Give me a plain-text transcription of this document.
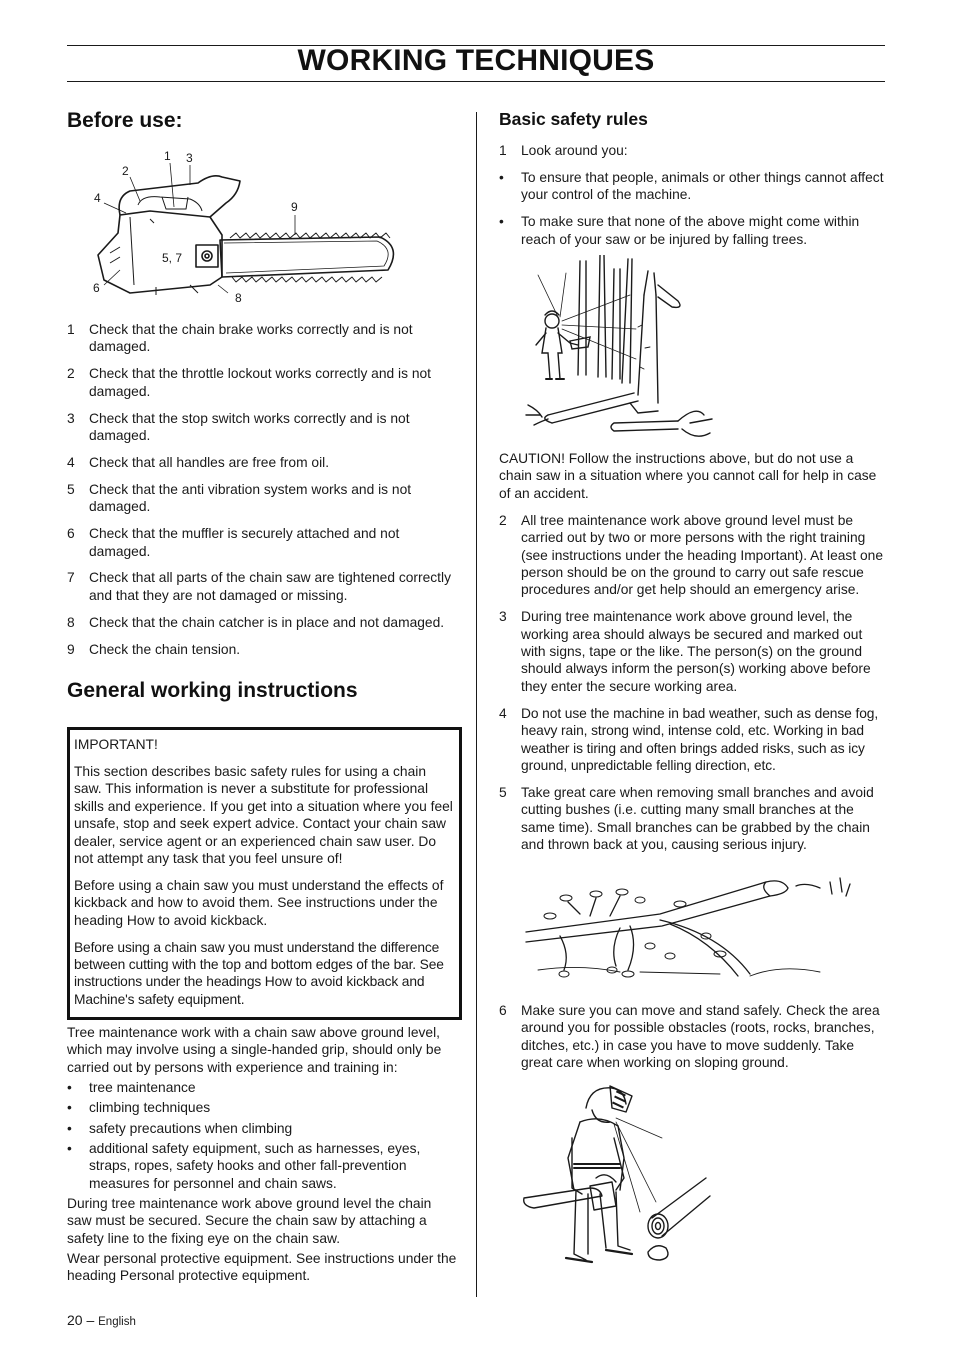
WORKING TECHNIQUES
Before use:
1 3
2
4
9
5, 7
6
8
1 Check that the chain brake works correctly and is not damaged.
2 Check that the throttle lockout works correctly and is not damaged.
3 Check that the stop switch works correctly and is not damaged.
4 Check that all handles are free from oil.
5 Check that the anti vibration system works and is not damaged.
6 Check that the muffler is securely attached and not damaged.
7 Check that all parts of the chain saw are tightened correctly and that they are not damaged or missing.
8 Check that the chain catcher is in place and not damaged.
9 Check the chain tension.
General working instructions

IMPORTANT!

This section describes basic safety rules for using a chain saw. This information is never a substitute for professional skills and experience. If you get into a situation where you feel unsafe, stop and seek expert advice. Contact your chain saw dealer, service agent or an experienced chain saw user. Do not attempt any task that you feel unsure of!

Before using a chain saw you must understand the effects of kickback and how to avoid them. See instructions under the heading How to avoid kickback.

Before using a chain saw you must understand the difference between cutting with the top and bottom edges of the bar. See instructions under the headings How to avoid kickback and Machine's safety equipment.

Tree maintenance work with a chain saw above ground level, which may involve using a single-handed grip, should only be carried out by persons with experience and training in:

• tree maintenance
• climbing techniques
• safety precautions when climbing
• additional safety equipment, such as harnesses, eyes, straps, ropes, safety hooks and other fall-prevention measures for personnel and chain saws.

During tree maintenance work above ground level the chain saw must be secured. Secure the chain saw by attaching a safety line to the fixing eye on the chain saw.

Wear personal protective equipment. See instructions under the heading Personal protective equipment.

Basic safety rules
1 Look around you:
• To ensure that people, animals or other things cannot affect your control of the machine.
• To make sure that none of the above might come within reach of your saw or be injured by falling trees.

CAUTION! Follow the instructions above, but do not use a chain saw in a situation where you cannot call for help in case of an accident.

2 All tree maintenance work above ground level must be carried out by two or more persons with the right training (see instructions under the heading Important). At least one person should be on the ground to carry out safe rescue procedures and/or get help should an emergency arise.
3 During tree maintenance work above ground level, the working area should always be secured and marked out with signs, tape or the like. The person(s) on the ground should always inform the person(s) working above before they enter the secure working area.
4 Do not use the machine in bad weather, such as dense fog, heavy rain, strong wind, intense cold, etc. Working in bad weather is tiring and often brings added risks, such as icy ground, unpredictable felling direction, etc.
5 Take great care when removing small branches and avoid cutting bushes (i.e. cutting many small branches at the same time). Small branches can be grabbed by the chain and thrown back at you, causing serious injury.
6 Make sure you can move and stand safely. Check the area around you for possible obstacles (roots, rocks, branches, ditches, etc.) in case you have to move suddenly. Take great care when working on sloping ground.
20 – English
